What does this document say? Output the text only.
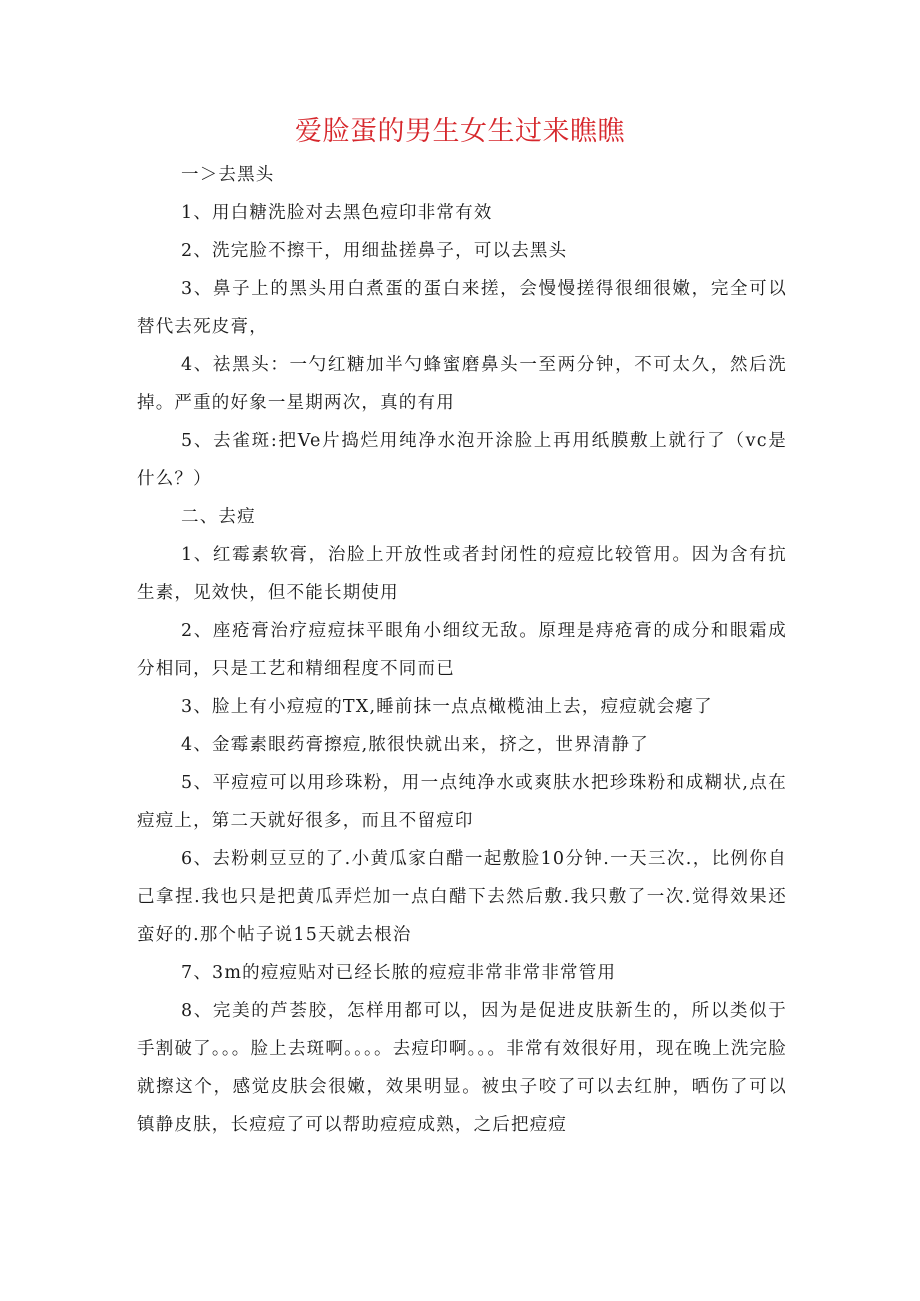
爱脸蛋的男生女生过来瞧瞧

一＞去黑头

1、用白糖洗脸对去黑色痘印非常有效

2、洗完脸不擦干，用细盐搓鼻子，可以去黑头

3、鼻子上的黑头用白煮蛋的蛋白来搓，会慢慢搓得很细很嫩，完全可以替代去死皮膏，

4、祛黑头：一勺红糖加半勺蜂蜜磨鼻头一至两分钟，不可太久，然后洗掉。严重的好象一星期两次，真的有用

5、去雀斑:把Ve片捣烂用纯净水泡开涂脸上再用纸膜敷上就行了（vc是什么？）

二、去痘

1、红霉素软膏，治脸上开放性或者封闭性的痘痘比较管用。因为含有抗生素，见效快，但不能长期使用

2、座疮膏治疗痘痘抹平眼角小细纹无敌。原理是痔疮膏的成分和眼霜成分相同，只是工艺和精细程度不同而已

3、脸上有小痘痘的TX,睡前抹一点点橄榄油上去，痘痘就会瘪了

4、金霉素眼药膏擦痘,脓很快就出来，挤之，世界清静了

5、平痘痘可以用珍珠粉，用一点纯净水或爽肤水把珍珠粉和成糊状,点在痘痘上，第二天就好很多，而且不留痘印

6、去粉刺豆豆的了.小黄瓜家白醋一起敷脸10分钟.一天三次.，比例你自己拿捏.我也只是把黄瓜弄烂加一点白醋下去然后敷.我只敷了一次.觉得效果还蛮好的.那个帖子说15天就去根治

7、3m的痘痘贴对已经长脓的痘痘非常非常非常管用

8、完美的芦荟胶，怎样用都可以，因为是促进皮肤新生的，所以类似于手割破了。。。脸上去斑啊。。。。去痘印啊。。。非常有效很好用，现在晚上洗完脸就擦这个，感觉皮肤会很嫩，效果明显。被虫子咬了可以去红肿，晒伤了可以镇静皮肤，长痘痘了可以帮助痘痘成熟，之后把痘痘
